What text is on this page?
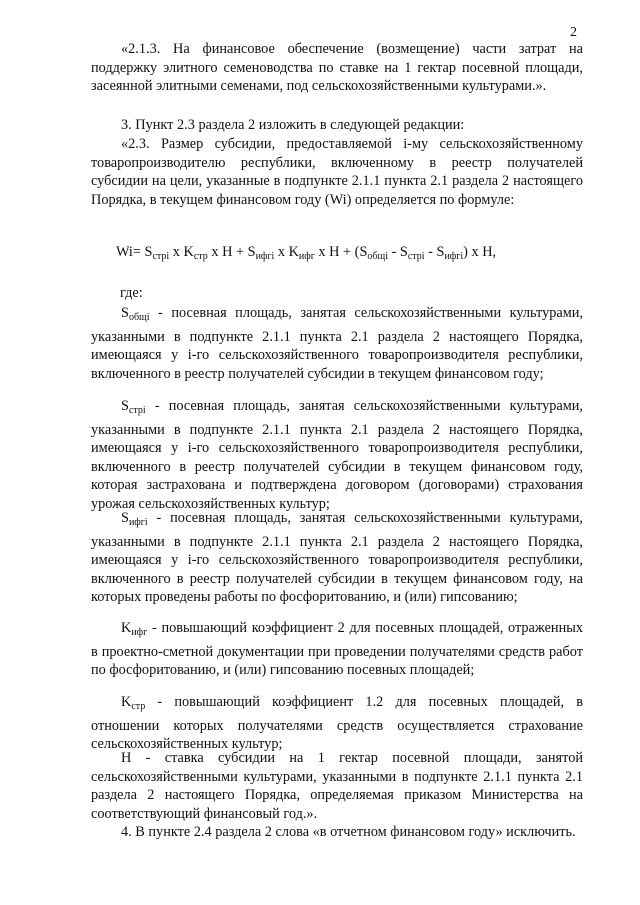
2

«2.1.3. На финансовое обеспечение (возмещение) части затрат на поддержку элитного семеноводства по ставке на 1 гектар посевной площади, засеянной элитными семенами, под сельскохозяйственными культурами.».

3. Пункт 2.3 раздела 2 изложить в следующей редакции:

«2.3. Размер субсидии, предоставляемой i-му сельскохозяйственному товаропроизводителю республики, включенному в реестр получателей субсидии на цели, указанные в подпункте 2.1.1 пункта 2.1 раздела 2 настоящего Порядка, в текущем финансовом году (Wi) определяется по формуле:

$Wi= S_{стрi}$ x $K_{стр}$ x $H + S_{ифгi}$ x $K_{ифг}$ x $H + (S_{общi} - S_{стрi} - S_{ифгi})$ x H,
где:

$S_{общi}$ - посевная площадь, занятая сельскохозяйственными культурами, указанными в подпункте 2.1.1 пункта 2.1 раздела 2 настоящего Порядка, имеющаяся у i-го сельскохозяйственного товаропроизводителя республики, включенного в реестр получателей субсидии в текущем финансовом году;

$S_{стрi}$ - посевная площадь, занятая сельскохозяйственными культурами, указанными в подпункте 2.1.1 пункта 2.1 раздела 2 настоящего Порядка, имеющаяся у i-го сельскохозяйственного товаропроизводителя республики, включенного в реестр получателей субсидии в текущем финансовом году, которая застрахована и подтверждена договором (договорами) страхования урожая сельскохозяйственных культур;

$S_{ифгi}$ - посевная площадь, занятая сельскохозяйственными культурами, указанными в подпункте 2.1.1 пункта 2.1 раздела 2 настоящего Порядка, имеющаяся у i-го сельскохозяйственного товаропроизводителя республики, включенного в реестр получателей субсидии в текущем финансовом году, на которых проведены работы по фосфоритованию, и (или) гипсованию;

$K_{ифг}$ - повышающий коэффициент 2 для посевных площадей, отраженных в проектно-сметной документации при проведении получателями средств работ по фосфоритованию, и (или) гипсованию посевных площадей;

$K_{стр}$ - повышающий коэффициент 1.2 для посевных площадей, в отношении которых получателями средств осуществляется страхование сельскохозяйственных культур;

H - ставка субсидии на 1 гектар посевной площади, занятой сельскохозяйственными культурами, указанными в подпункте 2.1.1 пункта 2.1 раздела 2 настоящего Порядка, определяемая приказом Министерства на соответствующий финансовый год.».

4. В пункте 2.4 раздела 2 слова «в отчетном финансовом году» исключить.
